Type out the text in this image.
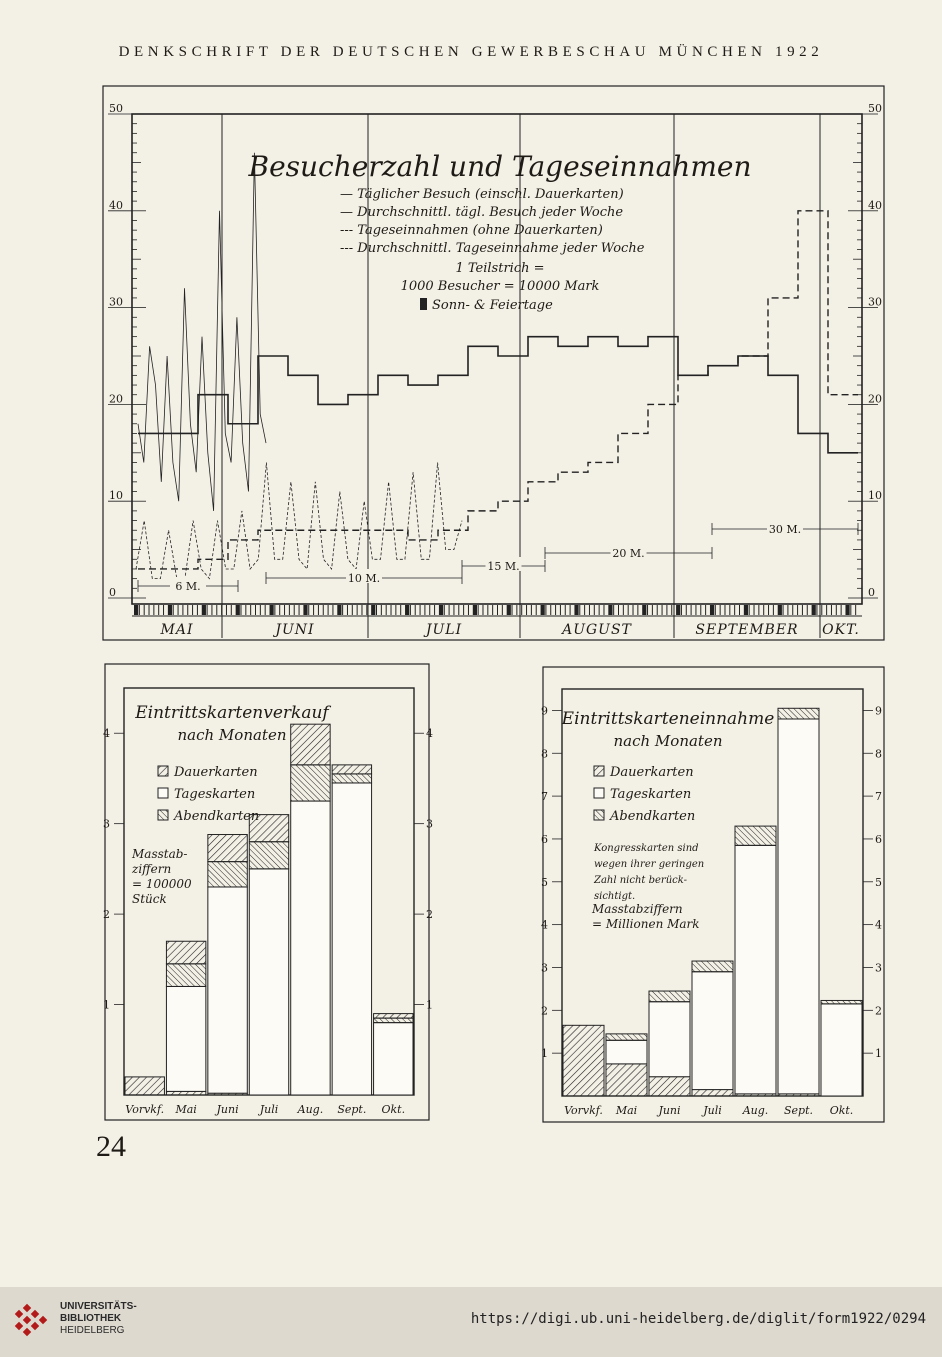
DENKSCHRIFT DER DEUTSCHEN GEWERBESCHAU MÜNCHEN 1922
0	0
10	10
20	20
30	30
40	40
50	50
MAI	JUNI	JULI	AUGUST	SEPTEMBER OKT.
6 M.
10 M.
15 M.
20 M.
30 M.
Besucherzahl und Tageseinnahmen
— Täglicher Besuch (einschl. Dauerkarten)
— Durchschnittl. tägl. Besuch jeder Woche
--- Tageseinnahmen (ohne Dauerkarten)
--- Durchschnittl. Tageseinnahme jeder Woche
1 Teilstrich =
1000 Besucher = 10000 Mark
Sonn- & Feiertage
1	1
2	2
3	3
4	4
Vorvkf. Mai Juni Juli Aug. Sept. Okt.
Eintrittskartenverkauf
nach Monaten
Dauerkarten
Tageskarten
Abendkarten
Masstab-
ziffern
= 100000
Stück
1	1
2	2
3	3
4	4
5	5
6	6
7	7
8	8
9	9
Vorvkf. Mai Juni Juli Aug. Sept. Okt.
Eintrittskarteneinnahme
nach Monaten
Dauerkarten
Tageskarten
Abendkarten
Kongresskarten sind
wegen ihrer geringen
Zahl nicht berück-
sichtigt.
Masstabziffern
= Millionen Mark
24
UNIVERSITÄTS-
BIBLIOTHEK
HEIDELBERG
https://digi.ub.uni-heidelberg.de/diglit/form1922/0294
